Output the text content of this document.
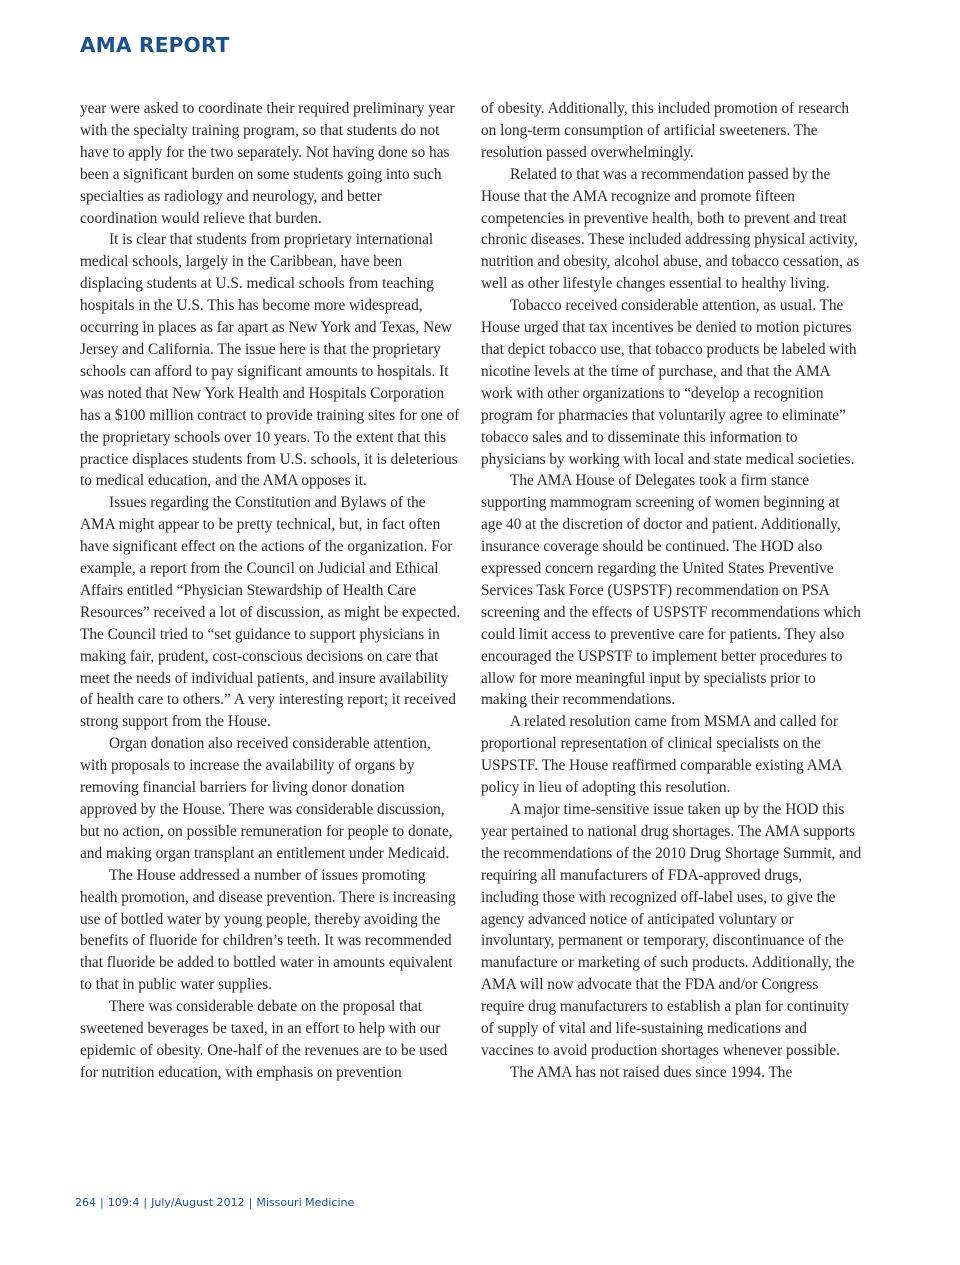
AMA REPORT

year were asked to coordinate their required preliminary year with the specialty training program, so that students do not have to apply for the two separately. Not having done so has been a significant burden on some students going into such specialties as radiology and neurology, and better coordination would relieve that burden.

It is clear that students from proprietary international medical schools, largely in the Caribbean, have been displacing students at U.S. medical schools from teaching hospitals in the U.S. This has become more widespread, occurring in places as far apart as New York and Texas, New Jersey and California. The issue here is that the proprietary schools can afford to pay significant amounts to hospitals. It was noted that New York Health and Hospitals Corporation has a $100 million contract to provide training sites for one of the proprietary schools over 10 years. To the extent that this practice displaces students from U.S. schools, it is deleterious to medical education, and the AMA opposes it.

Issues regarding the Constitution and Bylaws of the AMA might appear to be pretty technical, but, in fact often have significant effect on the actions of the organization. For example, a report from the Council on Judicial and Ethical Affairs entitled “Physician Stewardship of Health Care Resources” received a lot of discussion, as might be expected. The Council tried to “set guidance to support physicians in making fair, prudent, cost-conscious decisions on care that meet the needs of individual patients, and insure availability of health care to others.” A very interesting report; it received strong support from the House.

Organ donation also received considerable attention, with proposals to increase the availability of organs by removing financial barriers for living donor donation approved by the House. There was considerable discussion, but no action, on possible remuneration for people to donate, and making organ transplant an entitlement under Medicaid.

The House addressed a number of issues promoting health promotion, and disease prevention. There is increasing use of bottled water by young people, thereby avoiding the benefits of fluoride for children’s teeth. It was recommended that fluoride be added to bottled water in amounts equivalent to that in public water supplies.

There was considerable debate on the proposal that sweetened beverages be taxed, in an effort to help with our epidemic of obesity. One-half of the revenues are to be used for nutrition education, with emphasis on prevention

of obesity. Additionally, this included promotion of research on long-term consumption of artificial sweeteners. The resolution passed overwhelmingly.

Related to that was a recommendation passed by the House that the AMA recognize and promote fifteen competencies in preventive health, both to prevent and treat chronic diseases. These included addressing physical activity, nutrition and obesity, alcohol abuse, and tobacco cessation, as well as other lifestyle changes essential to healthy living.

Tobacco received considerable attention, as usual. The House urged that tax incentives be denied to motion pictures that depict tobacco use, that tobacco products be labeled with nicotine levels at the time of purchase, and that the AMA work with other organizations to “develop a recognition program for pharmacies that voluntarily agree to eliminate” tobacco sales and to disseminate this information to physicians by working with local and state medical societies.

The AMA House of Delegates took a firm stance supporting mammogram screening of women beginning at age 40 at the discretion of doctor and patient. Additionally, insurance coverage should be continued. The HOD also expressed concern regarding the United States Preventive Services Task Force (USPSTF) recommendation on PSA screening and the effects of USPSTF recommendations which could limit access to preventive care for patients. They also encouraged the USPSTF to implement better procedures to allow for more meaningful input by specialists prior to making their recommendations.

A related resolution came from MSMA and called for proportional representation of clinical specialists on the USPSTF. The House reaffirmed comparable existing AMA policy in lieu of adopting this resolution.

A major time-sensitive issue taken up by the HOD this year pertained to national drug shortages. The AMA supports the recommendations of the 2010 Drug Shortage Summit, and requiring all manufacturers of FDA-approved drugs, including those with recognized off-label uses, to give the agency advanced notice of anticipated voluntary or involuntary, permanent or temporary, discontinuance of the manufacture or marketing of such products. Additionally, the AMA will now advocate that the FDA and/or Congress require drug manufacturers to establish a plan for continuity of supply of vital and life-sustaining medications and vaccines to avoid production shortages whenever possible.

The AMA has not raised dues since 1994. The

264 | 109:4 | July/August 2012 | Missouri Medicine
